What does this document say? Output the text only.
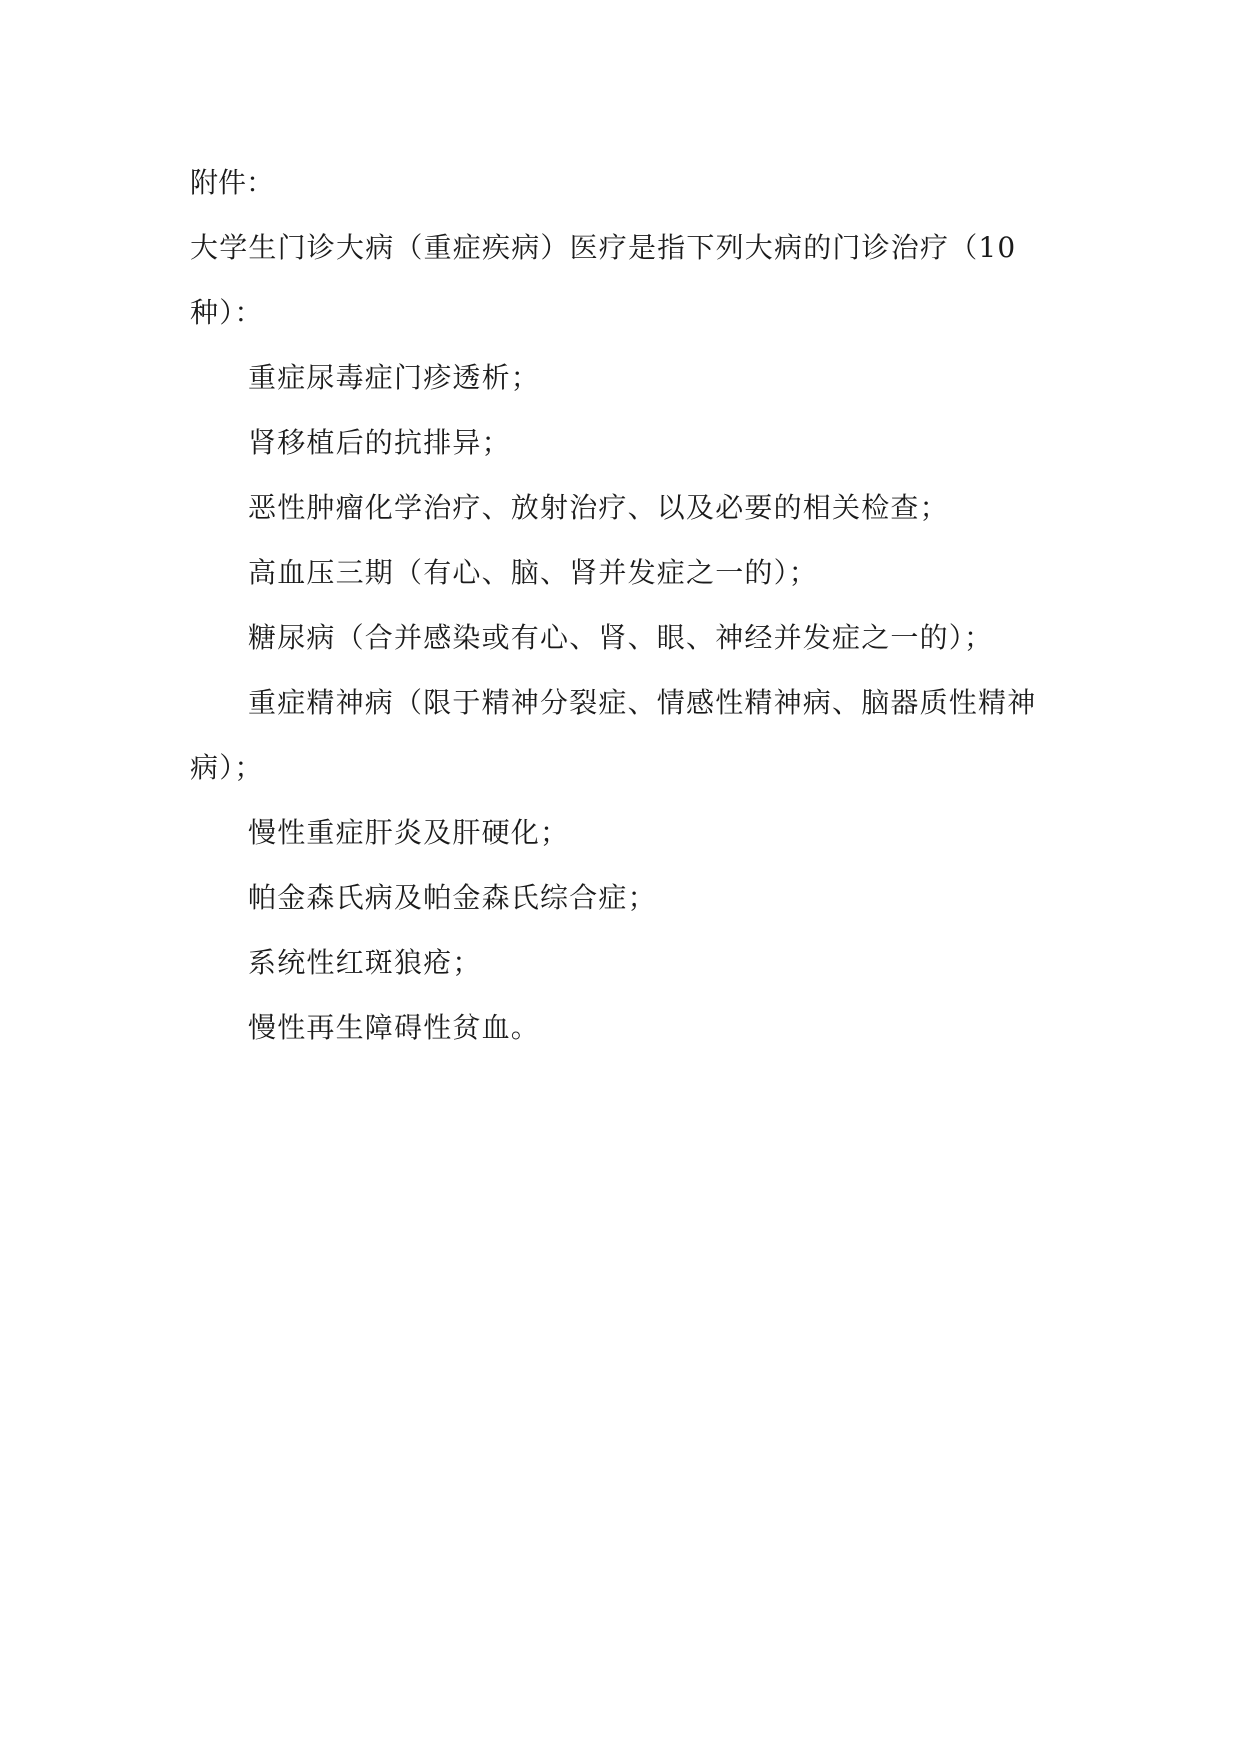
附件：

大学生门诊大病（重症疾病）医疗是指下列大病的门诊治疗（10种）：

重症尿毒症门疹透析；
肾移植后的抗排异；
恶性肿瘤化学治疗、放射治疗、以及必要的相关检查；
高血压三期（有心、脑、肾并发症之一的）；
糖尿病（合并感染或有心、肾、眼、神经并发症之一的）；
重症精神病（限于精神分裂症、情感性精神病、脑器质性精神病）；
慢性重症肝炎及肝硬化；
帕金森氏病及帕金森氏综合症；
系统性红斑狼疮；
慢性再生障碍性贫血。
